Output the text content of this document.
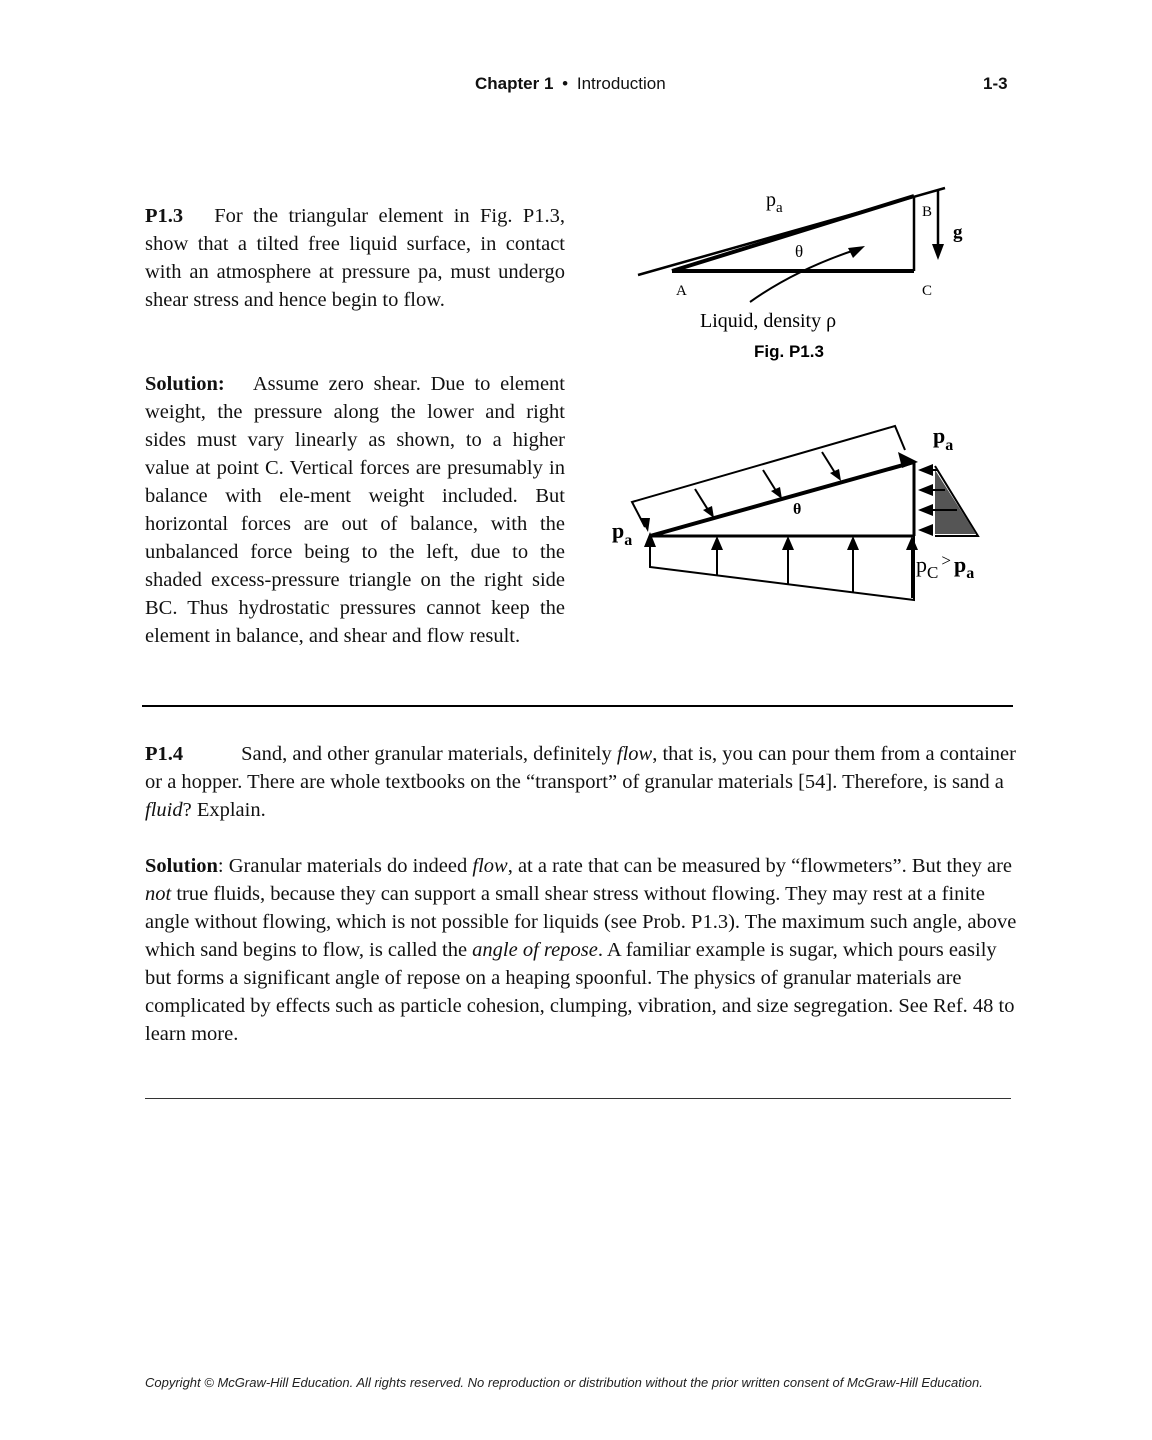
Chapter 1 • Introduction	1-3
P1.3 For the triangular element in Fig. P1.3, show that a tilted free liquid surface, in contact with an atmosphere at pressure pa, must undergo shear stress and hence begin to flow.
Solution: Assume zero shear. Due to element weight, the pressure along the lower and right sides must vary linearly as shown, to a higher value at point C. Vertical forces are presumably in balance with ele-ment weight included. But horizontal forces are out of balance, with the unbalanced force being to the left, due to the shaded excess-pressure triangle on the right side BC. Thus hydrostatic pressures cannot keep the element in balance, and shear and flow result.
$p_a$
θ
A
B
C
g
Liquid, density ρ
Fig. P1.3
$p_a$
$p_a$
θ
$p_C^>$ $p_a$
P1.4	Sand, and other granular materials, definitely flow, that is, you can pour them from a container or a hopper. There are whole textbooks on the “transport” of granular materials [54]. Therefore, is sand a fluid? Explain.
Solution: Granular materials do indeed flow, at a rate that can be measured by “flowmeters”. But they are not true fluids, because they can support a small shear stress without flowing. They may rest at a finite angle without flowing, which is not possible for liquids (see Prob. P1.3). The maximum such angle, above which sand begins to flow, is called the angle of repose. A familiar example is sugar, which pours easily but forms a significant angle of repose on a heaping spoonful. The physics of granular materials are complicated by effects such as particle cohesion, clumping, vibration, and size segregation. See Ref. 48 to learn more.
Copyright © McGraw-Hill Education. All rights reserved. No reproduction or distribution without the prior written consent of McGraw-Hill Education.
